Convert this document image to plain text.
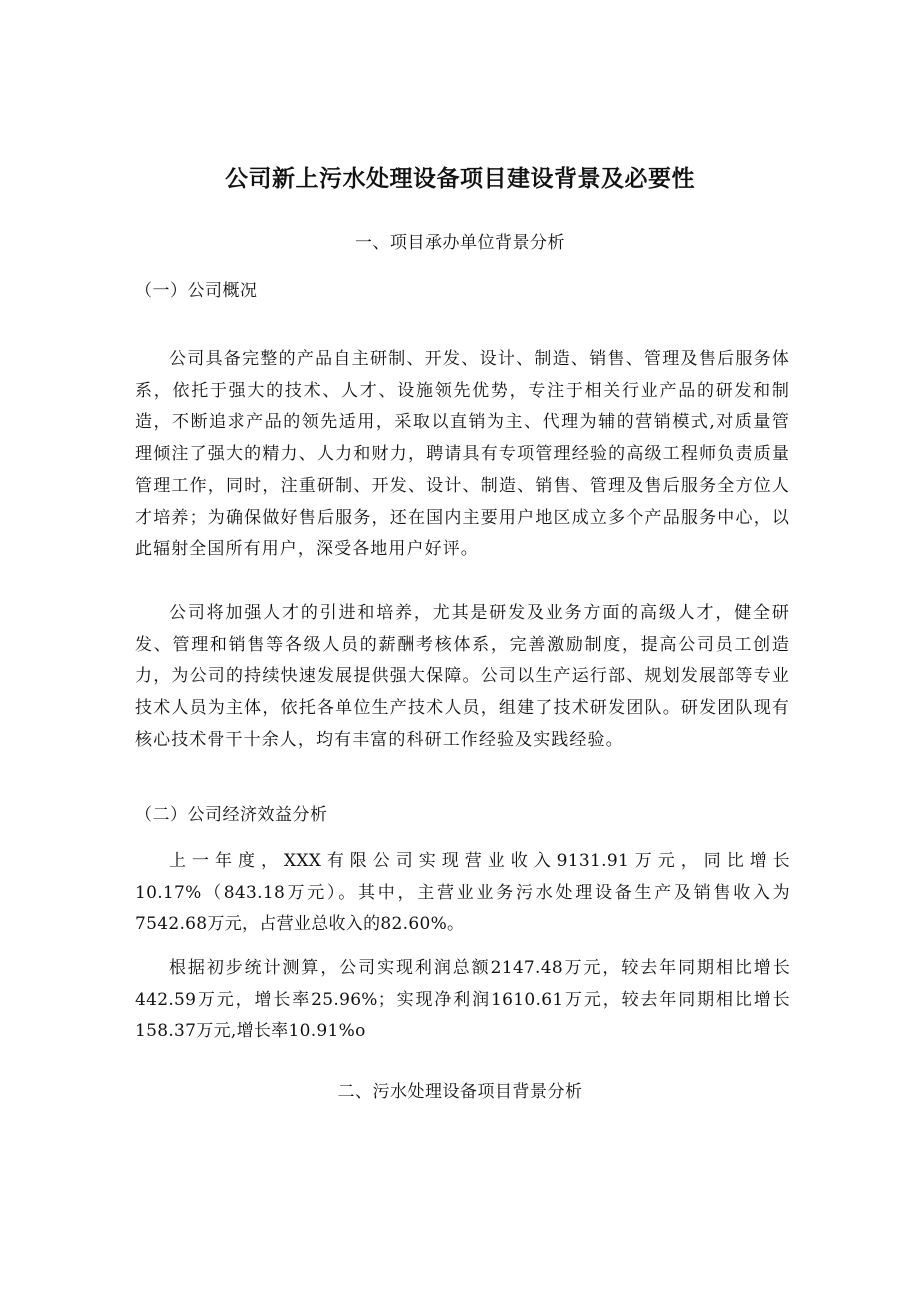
公司新上污水处理设备项目建设背景及必要性
一、项目承办单位背景分析
（一）公司概况

公司具备完整的产品自主研制、开发、设计、制造、销售、管理及售后服务体系，依托于强大的技术、人才、设施领先优势，专注于相关行业产品的研发和制造，不断追求产品的领先适用，采取以直销为主、代理为辅的营销模式,对质量管理倾注了强大的精力、人力和财力，聘请具有专项管理经验的高级工程师负责质量管理工作，同时，注重研制、开发、设计、制造、销售、管理及售后服务全方位人才培养；为确保做好售后服务，还在国内主要用户地区成立多个产品服务中心，以此辐射全国所有用户，深受各地用户好评。

公司将加强人才的引进和培养，尤其是研发及业务方面的高级人才，健全研发、管理和销售等各级人员的薪酬考核体系，完善激励制度，提高公司员工创造力，为公司的持续快速发展提供强大保障。公司以生产运行部、规划发展部等专业技术人员为主体，依托各单位生产技术人员，组建了技术研发团队。研发团队现有核心技术骨干十余人，均有丰富的科研工作经验及实践经验。

（二）公司经济效益分析

上一年度，XXX有限公司实现营业收入9131.91万元，同比增长10.17%（843.18万元）。其中，主营业业务污水处理设备生产及销售收入为7542.68万元，占营业总收入的82.60%。

根据初步统计测算，公司实现利润总额2147.48万元，较去年同期相比增长442.59万元，增长率25.96%；实现净利润1610.61万元，较去年同期相比增长158.37万元,增长率10.91%o

二、污水处理设备项目背景分析
